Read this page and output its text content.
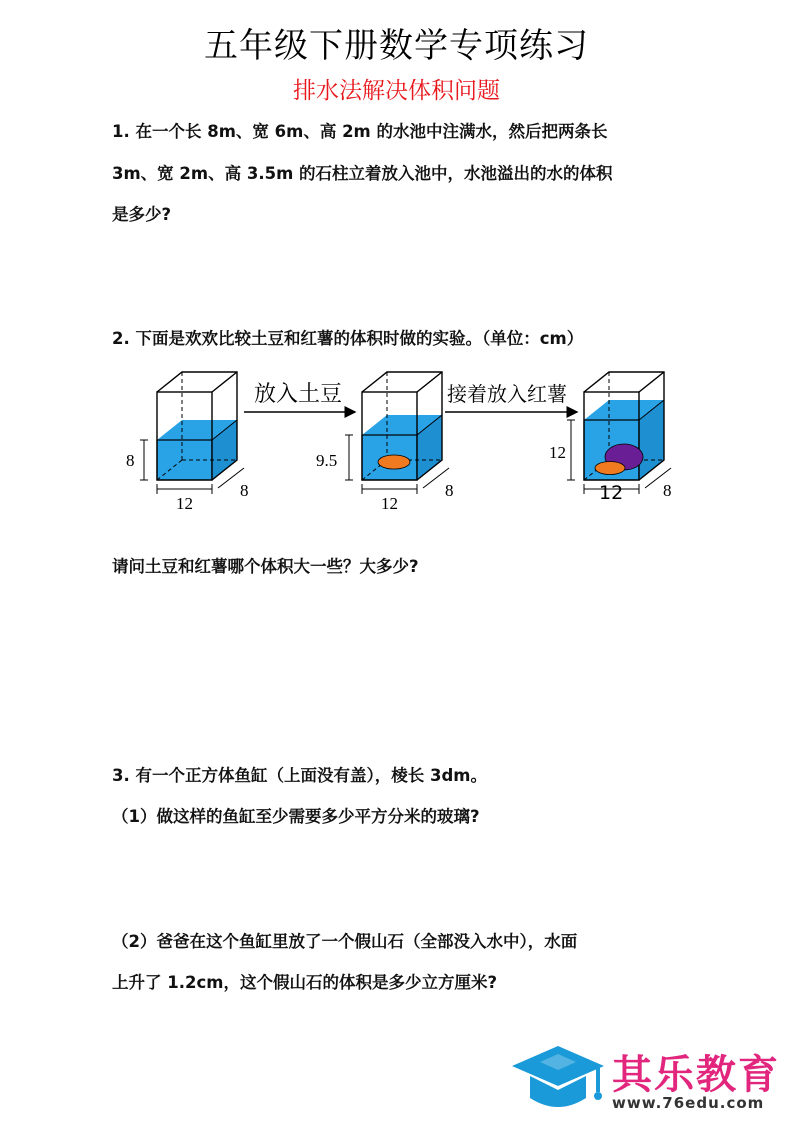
五年级下册数学专项练习
排水法解决体积问题
1. 在一个长 8m、宽 6m、高 2m 的水池中注满水，然后把两条长
3m、宽 2m、高 3.5m 的石柱立着放入池中，水池溢出的水的体积
是多少?
2. 下面是欢欢比较土豆和红薯的体积时做的实验。（单位：cm）
8
12
8
放入土豆
9.5
12
8
接着放入红薯
12
12 8
请问土豆和红薯哪个体积大一些？大多少?
3. 有一个正方体鱼缸（上面没有盖），棱长 3dm。
（1）做这样的鱼缸至少需要多少平方分米的玻璃?
（2）爸爸在这个鱼缸里放了一个假山石（全部没入水中），水面
上升了 1.2cm，这个假山石的体积是多少立方厘米?
其乐教育
www.76edu.com
